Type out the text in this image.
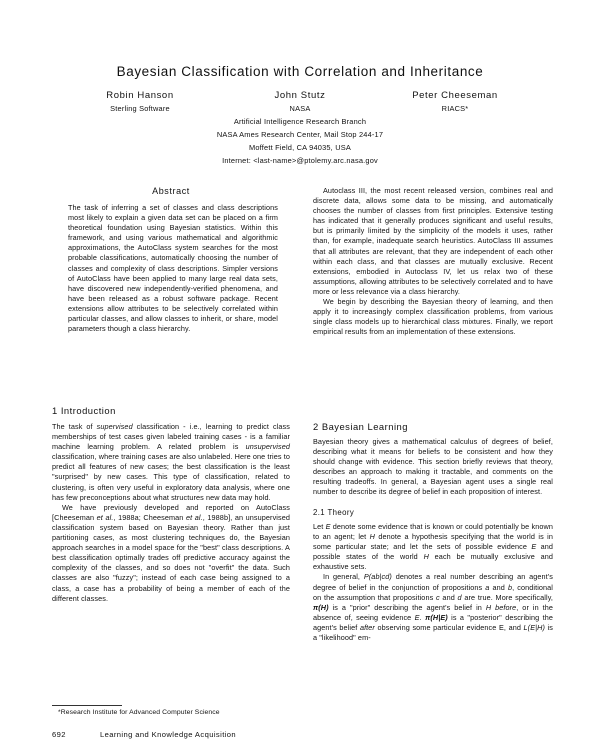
Bayesian Classification with Correlation and Inheritance
Robin Hanson
Sterling Software
John Stutz
NASA
Peter Cheeseman
RIACS*
Artificial Intelligence Research Branch
NASA Ames Research Center, Mail Stop 244-17
Moffett Field, CA 94035, USA
Internet: <last-name>@ptolemy.arc.nasa.gov
Abstract

The task of inferring a set of classes and class descriptions most likely to explain a given data set can be placed on a firm theoretical foundation using Bayesian statistics. Within this framework, and using various mathematical and algorithmic approximations, the AutoClass system searches for the most probable classifications, automatically choosing the number of classes and complexity of class descriptions. Simpler versions of AutoClass have been applied to many large real data sets, have discovered new independently-verified phenomena, and have been released as a robust software package. Recent extensions allow attributes to be selectively correlated within particular classes, and allow classes to inherit, or share, model parameters though a class hierarchy.

1 Introduction

The task of supervised classification - i.e., learning to predict class memberships of test cases given labeled training cases - is a familiar machine learning problem. A related problem is unsupervised classification, where training cases are also unlabeled. Here one tries to predict all features of new cases; the best classification is the least "surprised" by new cases. This type of classification, related to clustering, is often very useful in exploratory data analysis, where one has few preconceptions about what structures new data may hold.

We have previously developed and reported on AutoClass [Cheeseman et al., 1988a; Cheeseman et al., 1988b], an unsupervised classification system based on Bayesian theory. Rather than just partitioning cases, as most clustering techniques do, the Bayesian approach searches in a model space for the "best" class descriptions. A best classification optimally trades off predictive accuracy against the complexity of the classes, and so does not "overfit" the data. Such classes are also "fuzzy"; instead of each case being assigned to a class, a case has a probability of being a member of each of the different classes.

*Research Institute for Advanced Computer Science

Autoclass III, the most recent released version, combines real and discrete data, allows some data to be missing, and automatically chooses the number of classes from first principles. Extensive testing has indicated that it generally produces significant and useful results, but is primarily limited by the simplicity of the models it uses, rather than, for example, inadequate search heuristics. AutoClass III assumes that all attributes are relevant, that they are independent of each other within each class, and that classes are mutually exclusive. Recent extensions, embodied in Autoclass IV, let us relax two of these assumptions, allowing attributes to be selectively correlated and to have more or less relevance via a class hierarchy.

We begin by describing the Bayesian theory of learning, and then apply it to increasingly complex classification problems, from various single class models up to hierarchical class mixtures. Finally, we report empirical results from an implementation of these extensions.

2 Bayesian Learning

Bayesian theory gives a mathematical calculus of degrees of belief, describing what it means for beliefs to be consistent and how they should change with evidence. This section briefly reviews that theory, describes an approach to making it tractable, and comments on the resulting tradeoffs. In general, a Bayesian agent uses a single real number to describe its degree of belief in each proposition of interest.

2.1 Theory

Let E denote some evidence that is known or could potentially be known to an agent; let H denote a hypothesis specifying that the world is in some particular state; and let the sets of possible evidence E and possible states of the world H each be mutually exclusive and exhaustive sets.

In general, P(ab|cd) denotes a real number describing an agent's degree of belief in the conjunction of propositions a and b, conditional on the assumption that propositions c and d are true. More specifically, π(H) is a "prior" describing the agent's belief in H before, or in the absence of, seeing evidence E. π(H|E) is a "posterior" describing the agent's belief after observing some particular evidence E, and L(E|H) is a "likelihood" em-

692	Learning and Knowledge Acquisition
